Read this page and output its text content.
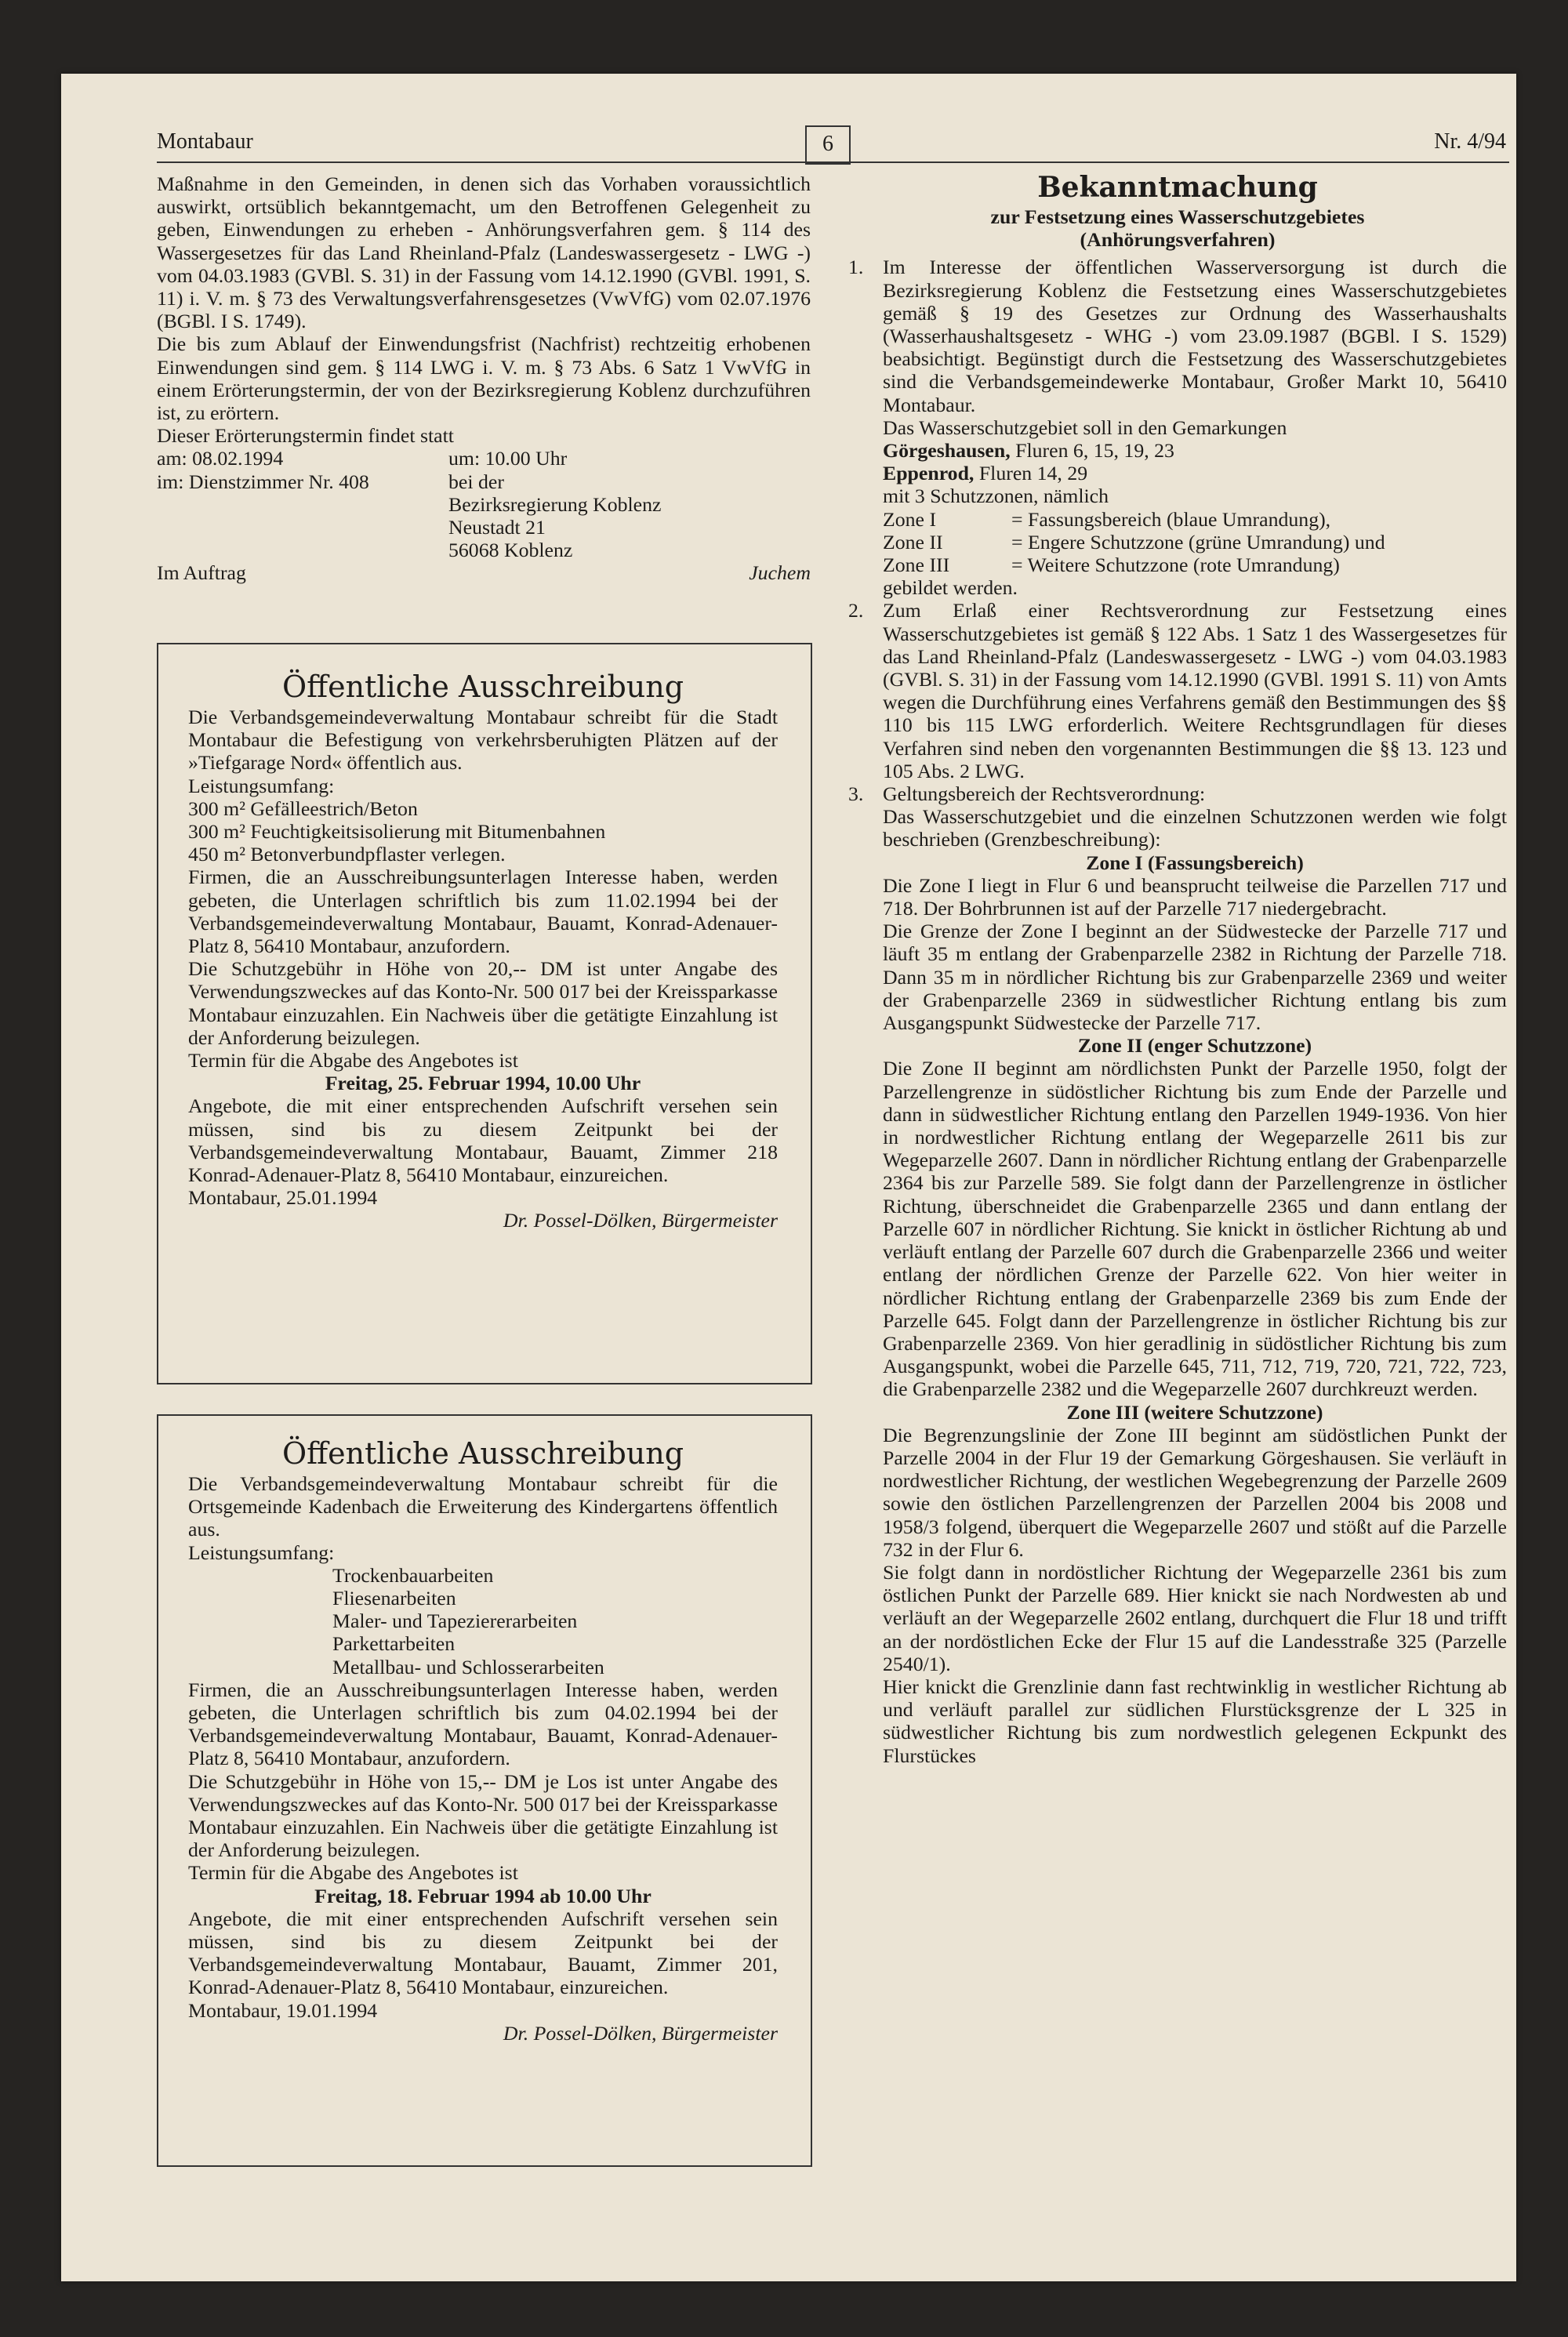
Montabaur	6	Nr. 4/94

Maßnahme in den Gemeinden, in denen sich das Vorhaben voraussichtlich auswirkt, ortsüblich bekanntgemacht, um den Betroffenen Gelegenheit zu geben, Einwendungen zu erheben - Anhörungsverfahren gem. § 114 des Wassergesetzes für das Land Rheinland-Pfalz (Landeswassergesetz - LWG -) vom 04.03.1983 (GVBl. S. 31) in der Fassung vom 14.12.1990 (GVBl. 1991, S. 11) i. V. m. § 73 des Verwaltungsverfahrensgesetzes (VwVfG) vom 02.07.1976 (BGBl. I S. 1749).

Die bis zum Ablauf der Einwendungsfrist (Nachfrist) rechtzeitig erhobenen Einwendungen sind gem. § 114 LWG i. V. m. § 73 Abs. 6 Satz 1 VwVfG in einem Erörterungstermin, der von der Bezirksregierung Koblenz durchzuführen ist, zu erörtern.

Dieser Erörterungstermin findet statt

am: 08.02.1994	um: 10.00 Uhr
im: Dienstzimmer Nr. 408	bei der
Bezirksregierung Koblenz
Neustadt 21
56068 Koblenz
Im Auftrag	Juchem

Öffentliche Ausschreibung

Die Verbandsgemeindeverwaltung Montabaur schreibt für die Stadt Montabaur die Befestigung von verkehrsberuhigten Plätzen auf der »Tiefgarage Nord« öffentlich aus.

Leistungsumfang:

300 m² Gefälleestrich/Beton

300 m² Feuchtigkeitsisolierung mit Bitumenbahnen

450 m² Betonverbundpflaster verlegen.

Firmen, die an Ausschreibungsunterlagen Interesse haben, werden gebeten, die Unterlagen schriftlich bis zum 11.02.1994 bei der Verbandsgemeindeverwaltung Montabaur, Bauamt, Konrad-Adenauer-Platz 8, 56410 Montabaur, anzufordern.

Die Schutzgebühr in Höhe von 20,-- DM ist unter Angabe des Verwendungszweckes auf das Konto-Nr. 500 017 bei der Kreissparkasse Montabaur einzuzahlen. Ein Nachweis über die getätigte Einzahlung ist der Anforderung beizulegen.

Termin für die Abgabe des Angebotes ist

Freitag, 25. Februar 1994, 10.00 Uhr

Angebote, die mit einer entsprechenden Aufschrift versehen sein müssen, sind bis zu diesem Zeitpunkt bei der Verbandsgemeindeverwaltung Montabaur, Bauamt, Zimmer 218 Konrad-Adenauer-Platz 8, 56410 Montabaur, einzureichen.

Montabaur, 25.01.1994

Dr. Possel-Dölken, Bürgermeister

Öffentliche Ausschreibung

Die Verbandsgemeindeverwaltung Montabaur schreibt für die Ortsgemeinde Kadenbach die Erweiterung des Kindergartens öffentlich aus.

Leistungsumfang:

Trockenbauarbeiten

Fliesenarbeiten

Maler- und Tapeziererarbeiten

Parkettarbeiten

Metallbau- und Schlosserarbeiten

Firmen, die an Ausschreibungsunterlagen Interesse haben, werden gebeten, die Unterlagen schriftlich bis zum 04.02.1994 bei der Verbandsgemeindeverwaltung Montabaur, Bauamt, Konrad-Adenauer-Platz 8, 56410 Montabaur, anzufordern.

Die Schutzgebühr in Höhe von 15,-- DM je Los ist unter Angabe des Verwendungszweckes auf das Konto-Nr. 500 017 bei der Kreissparkasse Montabaur einzuzahlen. Ein Nachweis über die getätigte Einzahlung ist der Anforderung beizulegen.

Termin für die Abgabe des Angebotes ist

Freitag, 18. Februar 1994 ab 10.00 Uhr

Angebote, die mit einer entsprechenden Aufschrift versehen sein müssen, sind bis zu diesem Zeitpunkt bei der Verbandsgemeindeverwaltung Montabaur, Bauamt, Zimmer 201, Konrad-Adenauer-Platz 8, 56410 Montabaur, einzureichen.

Montabaur, 19.01.1994

Dr. Possel-Dölken, Bürgermeister

Bekanntmachung

zur Festsetzung eines Wasserschutzgebietes

(Anhörungsverfahren)

1. Im Interesse der öffentlichen Wasserversorgung ist durch die Bezirksregierung Koblenz die Festsetzung eines Wasserschutzgebietes gemäß § 19 des Gesetzes zur Ordnung des Wasserhaushalts (Wasserhaushaltsgesetz - WHG -) vom 23.09.1987 (BGBl. I S. 1529) beabsichtigt. Begünstigt durch die Festsetzung des Wasserschutzgebietes sind die Verbandsgemeindewerke Montabaur, Großer Markt 10, 56410 Montabaur.

Das Wasserschutzgebiet soll in den Gemarkungen

Görgeshausen, Fluren 6, 15, 19, 23

Eppenrod, Fluren 14, 29

mit 3 Schutzzonen, nämlich

Zone I	= Fassungsbereich (blaue Umrandung),
Zone II	= Engere Schutzzone (grüne Umrandung) und
Zone III	= Weitere Schutzzone (rote Umrandung)

gebildet werden.

2. Zum Erlaß einer Rechtsverordnung zur Festsetzung eines Wasserschutzgebietes ist gemäß § 122 Abs. 1 Satz 1 des Wassergesetzes für das Land Rheinland-Pfalz (Landeswassergesetz - LWG -) vom 04.03.1983 (GVBl. S. 31) in der Fassung vom 14.12.1990 (GVBl. 1991 S. 11) von Amts wegen die Durchführung eines Verfahrens gemäß den Bestimmungen des §§ 110 bis 115 LWG erforderlich. Weitere Rechtsgrundlagen für dieses Verfahren sind neben den vorgenannten Bestimmungen die §§ 13. 123 und 105 Abs. 2 LWG.

3. Geltungsbereich der Rechtsverordnung:

Das Wasserschutzgebiet und die einzelnen Schutzzonen werden wie folgt beschrieben (Grenzbeschreibung):

Zone I (Fassungsbereich)

Die Zone I liegt in Flur 6 und beansprucht teilweise die Parzellen 717 und 718. Der Bohrbrunnen ist auf der Parzelle 717 niedergebracht.

Die Grenze der Zone I beginnt an der Südwestecke der Parzelle 717 und läuft 35 m entlang der Grabenparzelle 2382 in Richtung der Parzelle 718. Dann 35 m in nördlicher Richtung bis zur Grabenparzelle 2369 und weiter der Grabenparzelle 2369 in südwestlicher Richtung entlang bis zum Ausgangspunkt Südwestecke der Parzelle 717.

Zone II (enger Schutzzone)

Die Zone II beginnt am nördlichsten Punkt der Parzelle 1950, folgt der Parzellengrenze in südöstlicher Richtung bis zum Ende der Parzelle und dann in südwestlicher Richtung entlang den Parzellen 1949-1936. Von hier in nordwestlicher Richtung entlang der Wegeparzelle 2611 bis zur Wegeparzelle 2607. Dann in nördlicher Richtung entlang der Grabenparzelle 2364 bis zur Parzelle 589. Sie folgt dann der Parzellengrenze in östlicher Richtung, überschneidet die Grabenparzelle 2365 und dann entlang der Parzelle 607 in nördlicher Richtung. Sie knickt in östlicher Richtung ab und verläuft entlang der Parzelle 607 durch die Grabenparzelle 2366 und weiter entlang der nördlichen Grenze der Parzelle 622. Von hier weiter in nördlicher Richtung entlang der Grabenparzelle 2369 bis zum Ende der Parzelle 645. Folgt dann der Parzellengrenze in östlicher Richtung bis zur Grabenparzelle 2369. Von hier geradlinig in südöstlicher Richtung bis zum Ausgangspunkt, wobei die Parzelle 645, 711, 712, 719, 720, 721, 722, 723, die Grabenparzelle 2382 und die Wegeparzelle 2607 durchkreuzt werden.

Zone III (weitere Schutzzone)

Die Begrenzungslinie der Zone III beginnt am südöstlichen Punkt der Parzelle 2004 in der Flur 19 der Gemarkung Görgeshausen. Sie verläuft in nordwestlicher Richtung, der westlichen Wegebegrenzung der Parzelle 2609 sowie den östlichen Parzellengrenzen der Parzellen 2004 bis 2008 und 1958/3 folgend, überquert die Wegeparzelle 2607 und stößt auf die Parzelle 732 in der Flur 6.

Sie folgt dann in nordöstlicher Richtung der Wegeparzelle 2361 bis zum östlichen Punkt der Parzelle 689. Hier knickt sie nach Nordwesten ab und verläuft an der Wegeparzelle 2602 entlang, durchquert die Flur 18 und trifft an der nordöstlichen Ecke der Flur 15 auf die Landesstraße 325 (Parzelle 2540/1).

Hier knickt die Grenzlinie dann fast rechtwinklig in westlicher Richtung ab und verläuft parallel zur südlichen Flurstücksgrenze der L 325 in südwestlicher Richtung bis zum nordwestlich gelegenen Eckpunkt des Flurstückes
